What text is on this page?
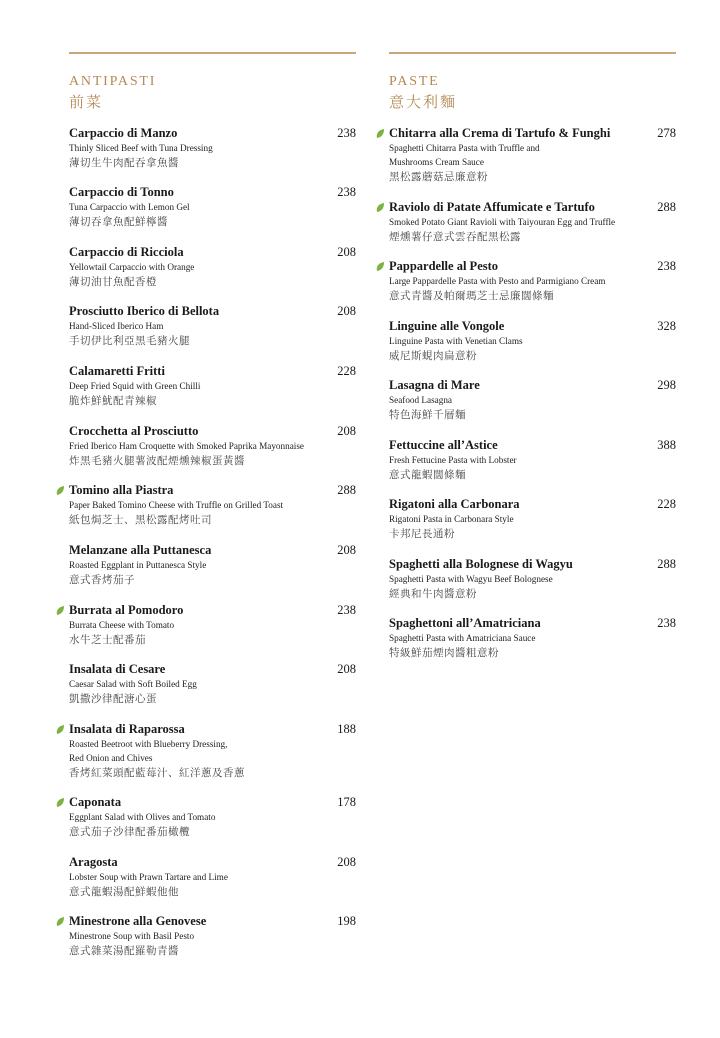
ANTIPASTI
前菜
Carpaccio di Manzo	238
Thinly Sliced Beef with Tuna Dressing
薄切生牛肉配吞拿魚醬
Carpaccio di Tonno	238
Tuna Carpaccio with Lemon Gel
薄切吞拿魚配鮮檸醬
Carpaccio di Ricciola	208
Yellowtail Carpaccio with Orange
薄切油甘魚配香橙
Prosciutto Iberico di Bellota	208
Hand-Sliced Iberico Ham
手切伊比利亞黑毛豬火腿
Calamaretti Fritti	228
Deep Fried Squid with Green Chilli
脆炸鮮魷配青辣椒
Crocchetta al Prosciutto	208
Fried Iberico Ham Croquette with Smoked Paprika Mayonnaise
炸黑毛豬火腿薯波配煙燻辣椒蛋黃醬
Tomino alla Piastra	288
Paper Baked Tomino Cheese with Truffle on Grilled Toast
紙包焗芝士、黑松露配烤吐司
Melanzane alla Puttanesca	208
Roasted Eggplant in Puttanesca Style
意式香烤茄子
Burrata al Pomodoro	238
Burrata Cheese with Tomato
水牛芝士配番茄
Insalata di Cesare	208
Caesar Salad with Soft Boiled Egg
凱撒沙律配溏心蛋
Insalata di Raparossa	188
Roasted Beetroot with Blueberry Dressing,
Red Onion and Chives
香烤紅菜頭配藍莓汁、紅洋蔥及香蔥
Caponata	178
Eggplant Salad with Olives and Tomato
意式茄子沙律配番茄橄欖
Aragosta	208
Lobster Soup with Prawn Tartare and Lime
意式龍蝦湯配鮮蝦他他
Minestrone alla Genovese	198
Minestrone Soup with Basil Pesto
意式雜菜湯配羅勒青醬
PASTE
意大利麵
Chitarra alla Crema di Tartufo & Funghi	278
Spaghetti Chitarra Pasta with Truffle and
Mushrooms Cream Sauce
黑松露蘑菇忌廉意粉
Raviolo di Patate Affumicate e Tartufo	288
Smoked Potato Giant Ravioli with Taiyouran Egg and Truffle
煙燻薯仔意式雲吞配黑松露
Pappardelle al Pesto	238
Large Pappardelle Pasta with Pesto and Parmigiano Cream
意式青醬及帕爾瑪芝士忌廉闊條麵
Linguine alle Vongole	328
Linguine Pasta with Venetian Clams
威尼斯蜆肉扁意粉
Lasagna di Mare	298
Seafood Lasagna
特色海鮮千層麵
Fettuccine all’Astice	388
Fresh Fettucine Pasta with Lobster
意式龍蝦闊條麵
Rigatoni alla Carbonara	228
Rigatoni Pasta in Carbonara Style
卡邦尼長通粉
Spaghetti alla Bolognese di Wagyu	288
Spaghetti Pasta with Wagyu Beef Bolognese
經典和牛肉醬意粉
Spaghettoni all’Amatriciana	238
Spaghetti Pasta with Amatriciana Sauce
特級鮮茄煙肉醬粗意粉
